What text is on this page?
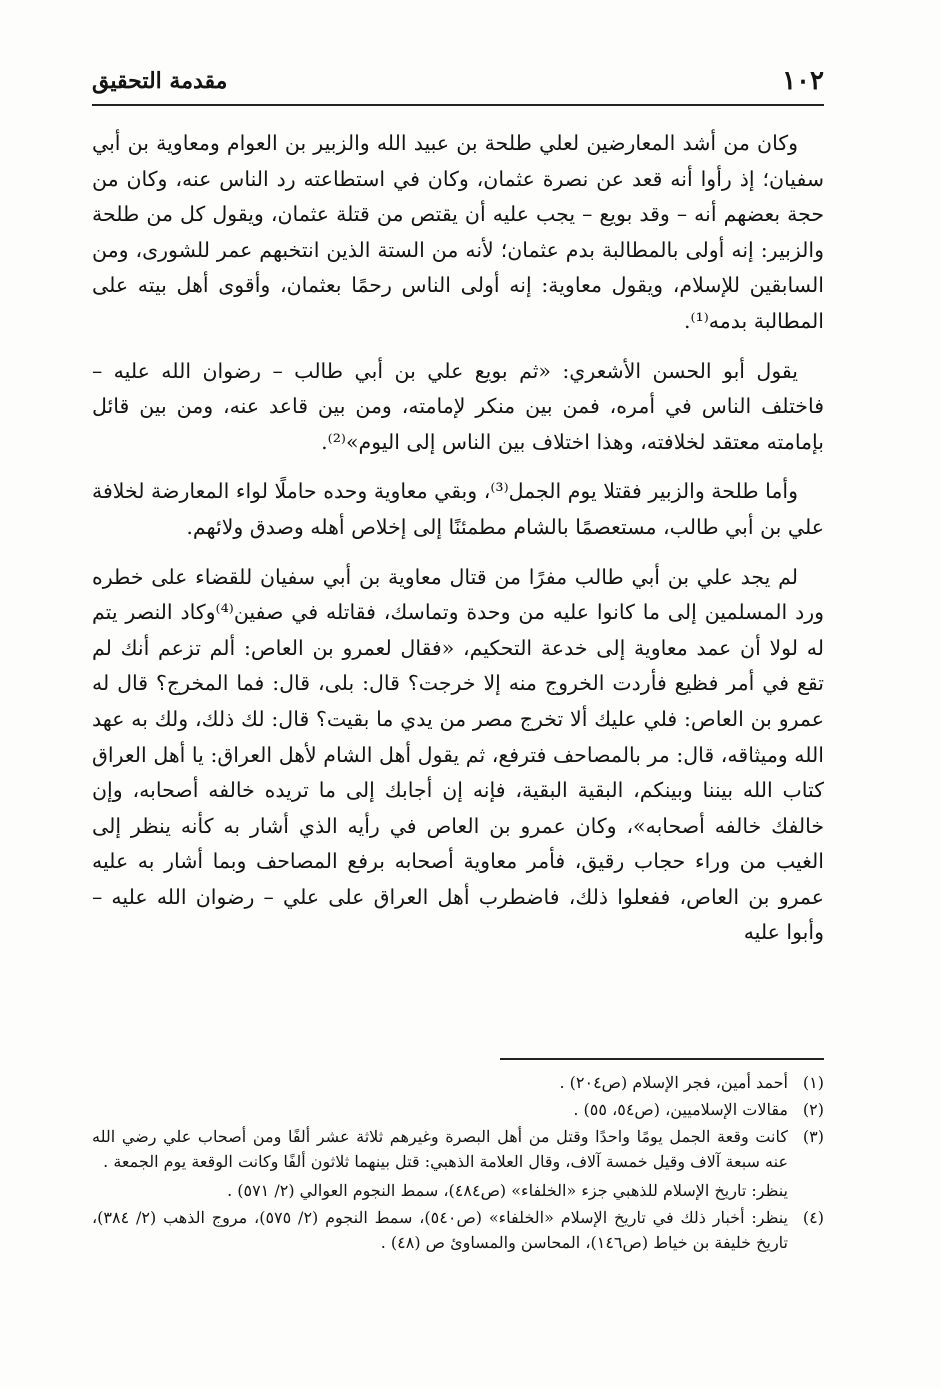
١٠٢
مقدمة التحقيق

وكان من أشد المعارضين لعلي طلحة بن عبيد الله والزبير بن العوام ومعاوية بن أبي سفيان؛ إذ رأوا أنه قعد عن نصرة عثمان، وكان في استطاعته رد الناس عنه، وكان من حجة بعضهم أنه – وقد بويع – يجب عليه أن يقتص من قتلة عثمان، ويقول كل من طلحة والزبير: إنه أولى بالمطالبة بدم عثمان؛ لأنه من الستة الذين انتخبهم عمر للشورى، ومن السابقين للإسلام، ويقول معاوية: إنه أولى الناس رحمًا بعثمان، وأقوى أهل بيته على المطالبة بدمه⁽¹⁾.

يقول أبو الحسن الأشعري: «ثم بويع علي بن أبي طالب – رضوان الله عليه – فاختلف الناس في أمره، فمن بين منكر لإمامته، ومن بين قاعد عنه، ومن بين قائل بإمامته معتقد لخلافته، وهذا اختلاف بين الناس إلى اليوم»⁽²⁾.

وأما طلحة والزبير فقتلا يوم الجمل⁽³⁾، وبقي معاوية وحده حاملًا لواء المعارضة لخلافة علي بن أبي طالب، مستعصمًا بالشام مطمئنًا إلى إخلاص أهله وصدق ولائهم.

لم يجد علي بن أبي طالب مفرًا من قتال معاوية بن أبي سفيان للقضاء على خطره ورد المسلمين إلى ما كانوا عليه من وحدة وتماسك، فقاتله في صفين⁽⁴⁾وكاد النصر يتم له لولا أن عمد معاوية إلى خدعة التحكيم، «فقال لعمرو بن العاص: ألم تزعم أنك لم تقع في أمر فظيع فأردت الخروج منه إلا خرجت؟ قال: بلى، قال: فما المخرج؟ قال له عمرو بن العاص: فلي عليك ألا تخرج مصر من يدي ما بقيت؟ قال: لك ذلك، ولك به عهد الله وميثاقه، قال: مر بالمصاحف فترفع، ثم يقول أهل الشام لأهل العراق: يا أهل العراق كتاب الله بيننا وبينكم، البقية البقية، فإنه إن أجابك إلى ما تريده خالفه أصحابه، وإن خالفك خالفه أصحابه»، وكان عمرو بن العاص في رأيه الذي أشار به كأنه ينظر إلى الغيب من وراء حجاب رقيق، فأمر معاوية أصحابه برفع المصاحف وبما أشار به عليه عمرو بن العاص، ففعلوا ذلك، فاضطرب أهل العراق على علي – رضوان الله عليه – وأبوا عليه

(١)
أحمد أمين، فجر الإسلام (ص٢٠٤) .
(٢)
مقالات الإسلاميين، (ص٥٤، ٥٥) .
(٣)
كانت وقعة الجمل يومًا واحدًا وقتل من أهل البصرة وغيرهم ثلاثة عشر ألفًا ومن أصحاب علي رضي الله عنه سبعة آلاف وقيل خمسة آلاف، وقال العلامة الذهبي: قتل بينهما ثلاثون ألفًا وكانت الوقعة يوم الجمعة .
ينظر: تاريخ الإسلام للذهبي جزء «الخلفاء» (ص٤٨٤)، سمط النجوم العوالي (٢/ ٥٧١) .
(٤)
ينظر: أخبار ذلك في تاريخ الإسلام «الخلفاء» (ص٥٤٠)، سمط النجوم (٢/ ٥٧٥)، مروج الذهب (٢/ ٣٨٤)، تاريخ خليفة بن خياط (ص١٤٦)، المحاسن والمساوئ ص (٤٨) .
